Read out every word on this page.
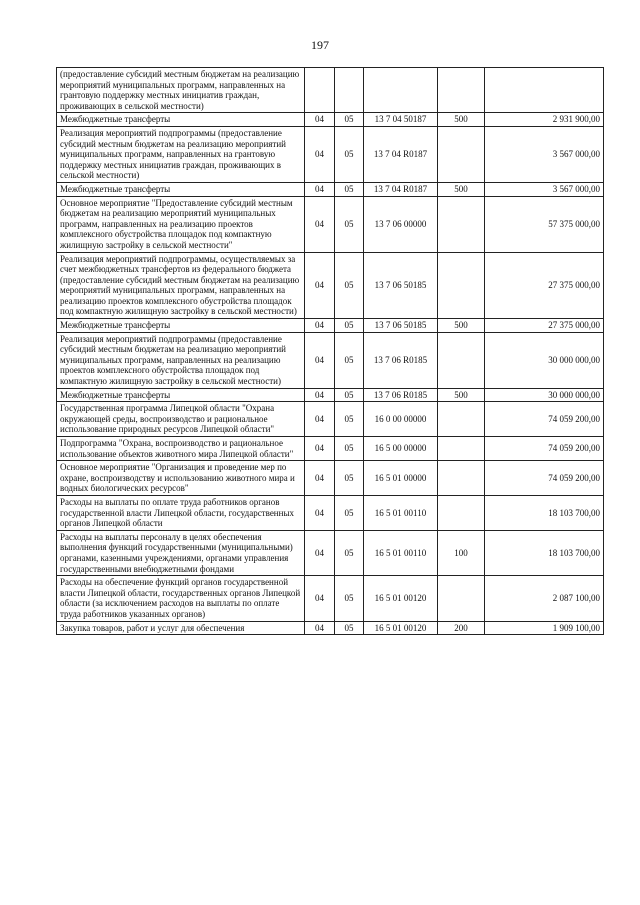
197
(предоставление субсидий местным бюджетам на реализацию мероприятий муниципальных программ, направленных на грантовую поддержку местных инициатив граждан, проживающих в сельской местности)					
Межбюджетные трансферты	04	05	13 7 04 50187	500	2 931 900,00
Реализация мероприятий подпрограммы (предоставление субсидий местным бюджетам на реализацию мероприятий муниципальных программ, направленных на грантовую поддержку местных инициатив граждан, проживающих в сельской местности)	04	05	13 7 04 R0187		3 567 000,00
Межбюджетные трансферты	04	05	13 7 04 R0187	500	3 567 000,00
Основное мероприятие "Предоставление субсидий местным бюджетам на реализацию мероприятий муниципальных программ, направленных на реализацию проектов комплексного обустройства площадок под компактную жилищную застройку в сельской местности"	04	05	13 7 06 00000		57 375 000,00
Реализация мероприятий подпрограммы, осуществляемых за счет межбюджетных трансфертов из федерального бюджета (предоставление субсидий местным бюджетам на реализацию мероприятий муниципальных программ, направленных на реализацию проектов комплексного обустройства площадок под компактную жилищную застройку в сельской местности)	04	05	13 7 06 50185		27 375 000,00
Межбюджетные трансферты	04	05	13 7 06 50185	500	27 375 000,00
Реализация мероприятий подпрограммы (предоставление субсидий местным бюджетам на реализацию мероприятий муниципальных программ, направленных на реализацию проектов комплексного обустройства площадок под компактную жилищную застройку в сельской местности)	04	05	13 7 06 R0185		30 000 000,00
Межбюджетные трансферты	04	05	13 7 06 R0185	500	30 000 000,00
Государственная программа Липецкой области "Охрана окружающей среды, воспроизводство и рациональное использование природных ресурсов Липецкой области"	04	05	16 0 00 00000		74 059 200,00
Подпрограмма "Охрана, воспроизводство и рациональное использование объектов животного мира Липецкой области"	04	05	16 5 00 00000		74 059 200,00
Основное мероприятие "Организация и проведение мер по охране, воспроизводству и использованию животного мира и водных биологических ресурсов"	04	05	16 5 01 00000		74 059 200,00
Расходы на выплаты по оплате труда работников органов государственной власти Липецкой области, государственных органов Липецкой области	04	05	16 5 01 00110		18 103 700,00
Расходы на выплаты персоналу в целях обеспечения выполнения функций государственными (муниципальными) органами, казенными учреждениями, органами управления государственными внебюджетными фондами	04	05	16 5 01 00110	100	18 103 700,00
Расходы на обеспечение функций органов государственной власти Липецкой области, государственных органов Липецкой области (за исключением расходов на выплаты по оплате труда работников указанных органов)	04	05	16 5 01 00120		2 087 100,00
Закупка товаров, работ и услуг для обеспечения	04	05	16 5 01 00120	200	1 909 100,00
